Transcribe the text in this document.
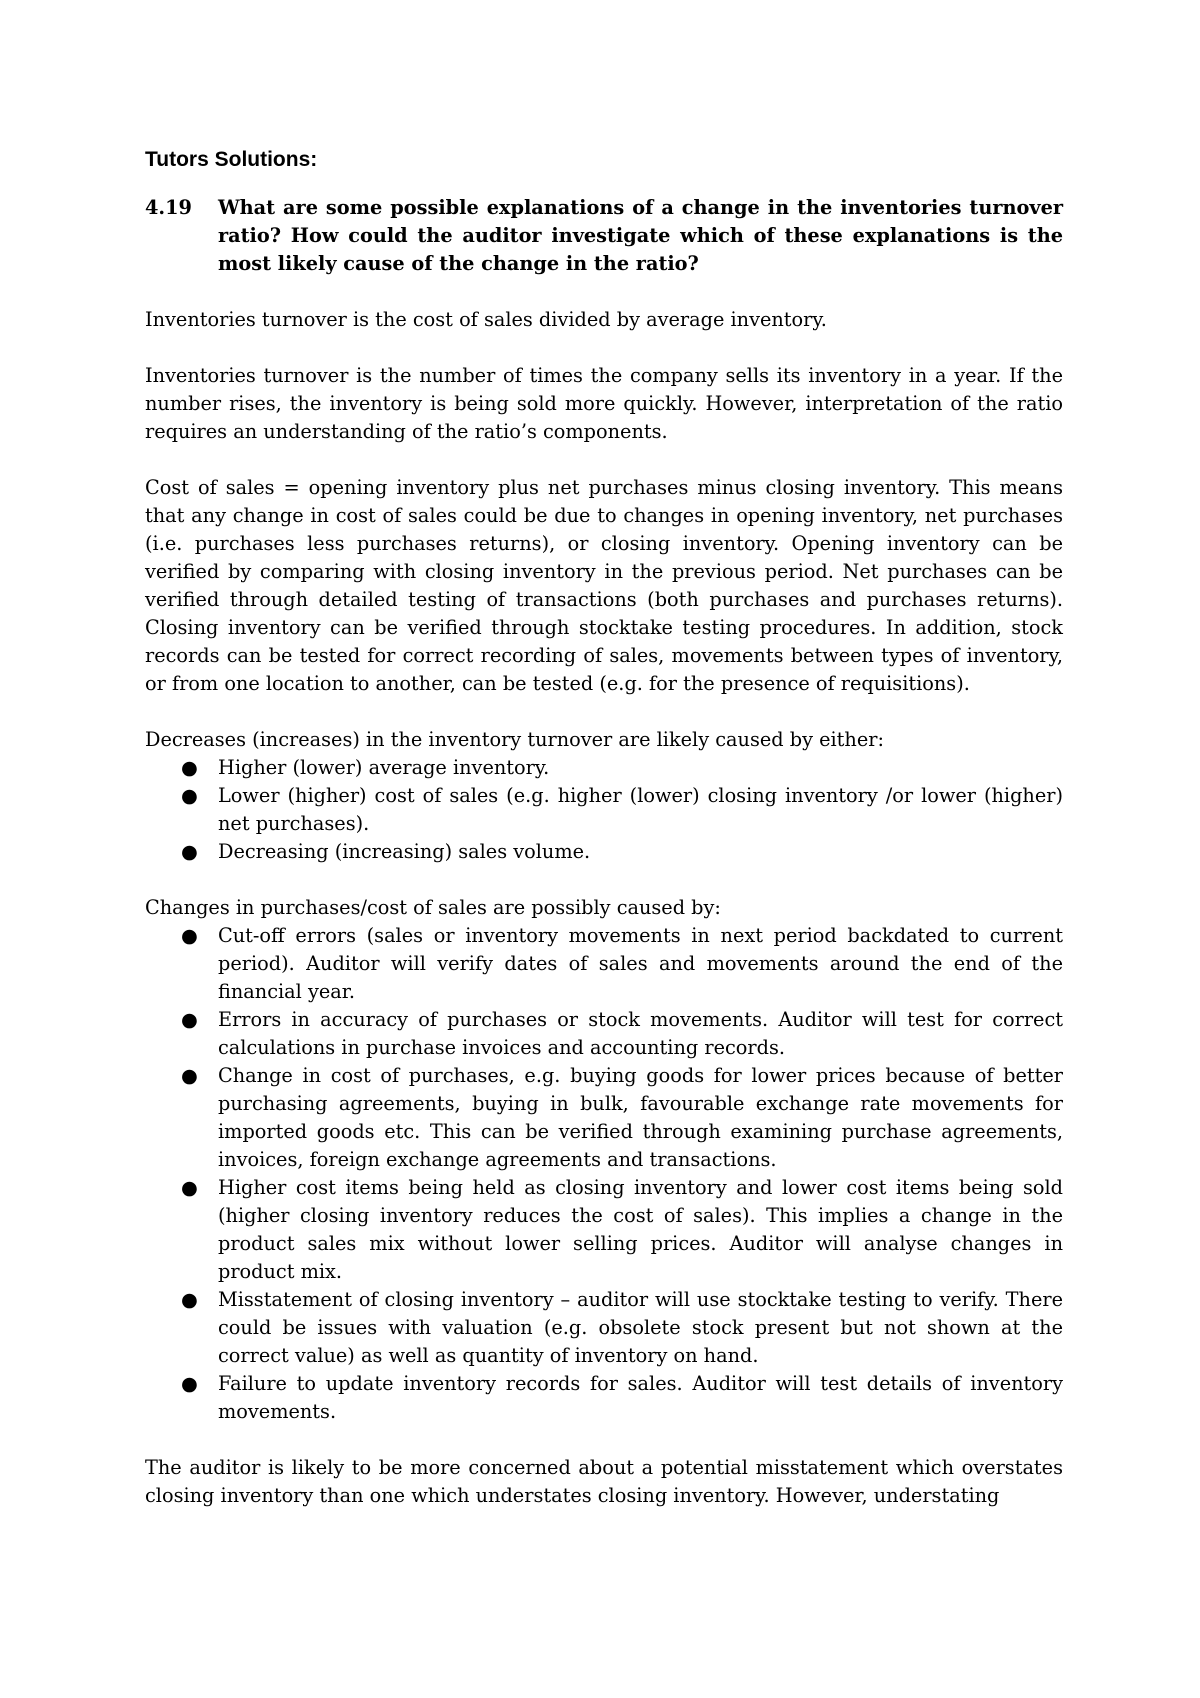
Tutors Solutions:
4.19	What are some possible explanations of a change in the inventories turnover ratio? How could the auditor investigate which of these explanations is the most likely cause of the change in the ratio?

Inventories turnover is the cost of sales divided by average inventory.

Inventories turnover is the number of times the company sells its inventory in a year. If the number rises, the inventory is being sold more quickly. However, interpretation of the ratio requires an understanding of the ratio’s components.

Cost of sales = opening inventory plus net purchases minus closing inventory. This means that any change in cost of sales could be due to changes in opening inventory, net purchases (i.e. purchases less purchases returns), or closing inventory. Opening inventory can be verified by comparing with closing inventory in the previous period. Net purchases can be verified through detailed testing of transactions (both purchases and purchases returns). Closing inventory can be verified through stocktake testing procedures. In addition, stock records can be tested for correct recording of sales, movements between types of inventory, or from one location to another, can be tested (e.g. for the presence of requisitions).

Decreases (increases) in the inventory turnover are likely caused by either:

●	Higher (lower) average inventory.
●	Lower (higher) cost of sales (e.g. higher (lower) closing inventory /or lower (higher) net purchases).
●	Decreasing (increasing) sales volume.

Changes in purchases/cost of sales are possibly caused by:

●	Cut-off errors (sales or inventory movements in next period backdated to current period). Auditor will verify dates of sales and movements around the end of the financial year.
●	Errors in accuracy of purchases or stock movements. Auditor will test for correct calculations in purchase invoices and accounting records.
●	Change in cost of purchases, e.g. buying goods for lower prices because of better purchasing agreements, buying in bulk, favourable exchange rate movements for imported goods etc. This can be verified through examining purchase agreements, invoices, foreign exchange agreements and transactions.
●	Higher cost items being held as closing inventory and lower cost items being sold (higher closing inventory reduces the cost of sales). This implies a change in the product sales mix without lower selling prices. Auditor will analyse changes in product mix.
●	Misstatement of closing inventory – auditor will use stocktake testing to verify. There could be issues with valuation (e.g. obsolete stock present but not shown at the correct value) as well as quantity of inventory on hand.
●	Failure to update inventory records for sales. Auditor will test details of inventory movements.

The auditor is likely to be more concerned about a potential misstatement which overstates closing inventory than one which understates closing inventory. However, understating
